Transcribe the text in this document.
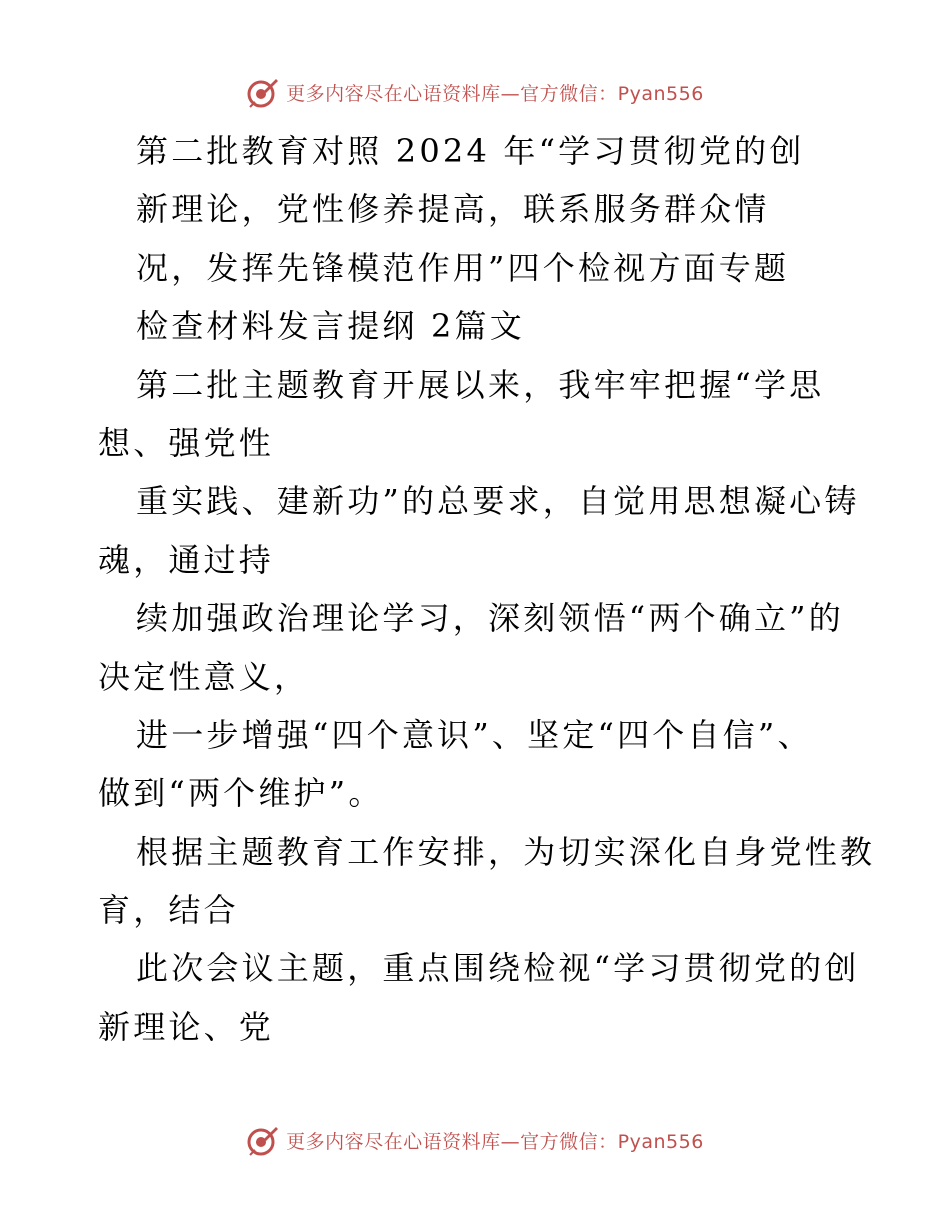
更多内容尽在心语资料库—官方微信：Pyan556
第二批教育对照 2024 年“学习贯彻党的创
新理论，党性修养提高，联系服务群众情
况，发挥先锋模范作用”四个检视方面专题
检查材料发言提纲 2篇文
第二批主题教育开展以来，我牢牢把握“学思
想、强党性
重实践、建新功”的总要求，自觉用思想凝心铸
魂，通过持
续加强政治理论学习，深刻领悟“两个确立”的
决定性意义，
进一步增强“四个意识”、坚定“四个自信”、
做到“两个维护”。
根据主题教育工作安排，为切实深化自身党性教
育，结合
此次会议主题，重点围绕检视“学习贯彻党的创
新理论、党
更多内容尽在心语资料库—官方微信：Pyan556
